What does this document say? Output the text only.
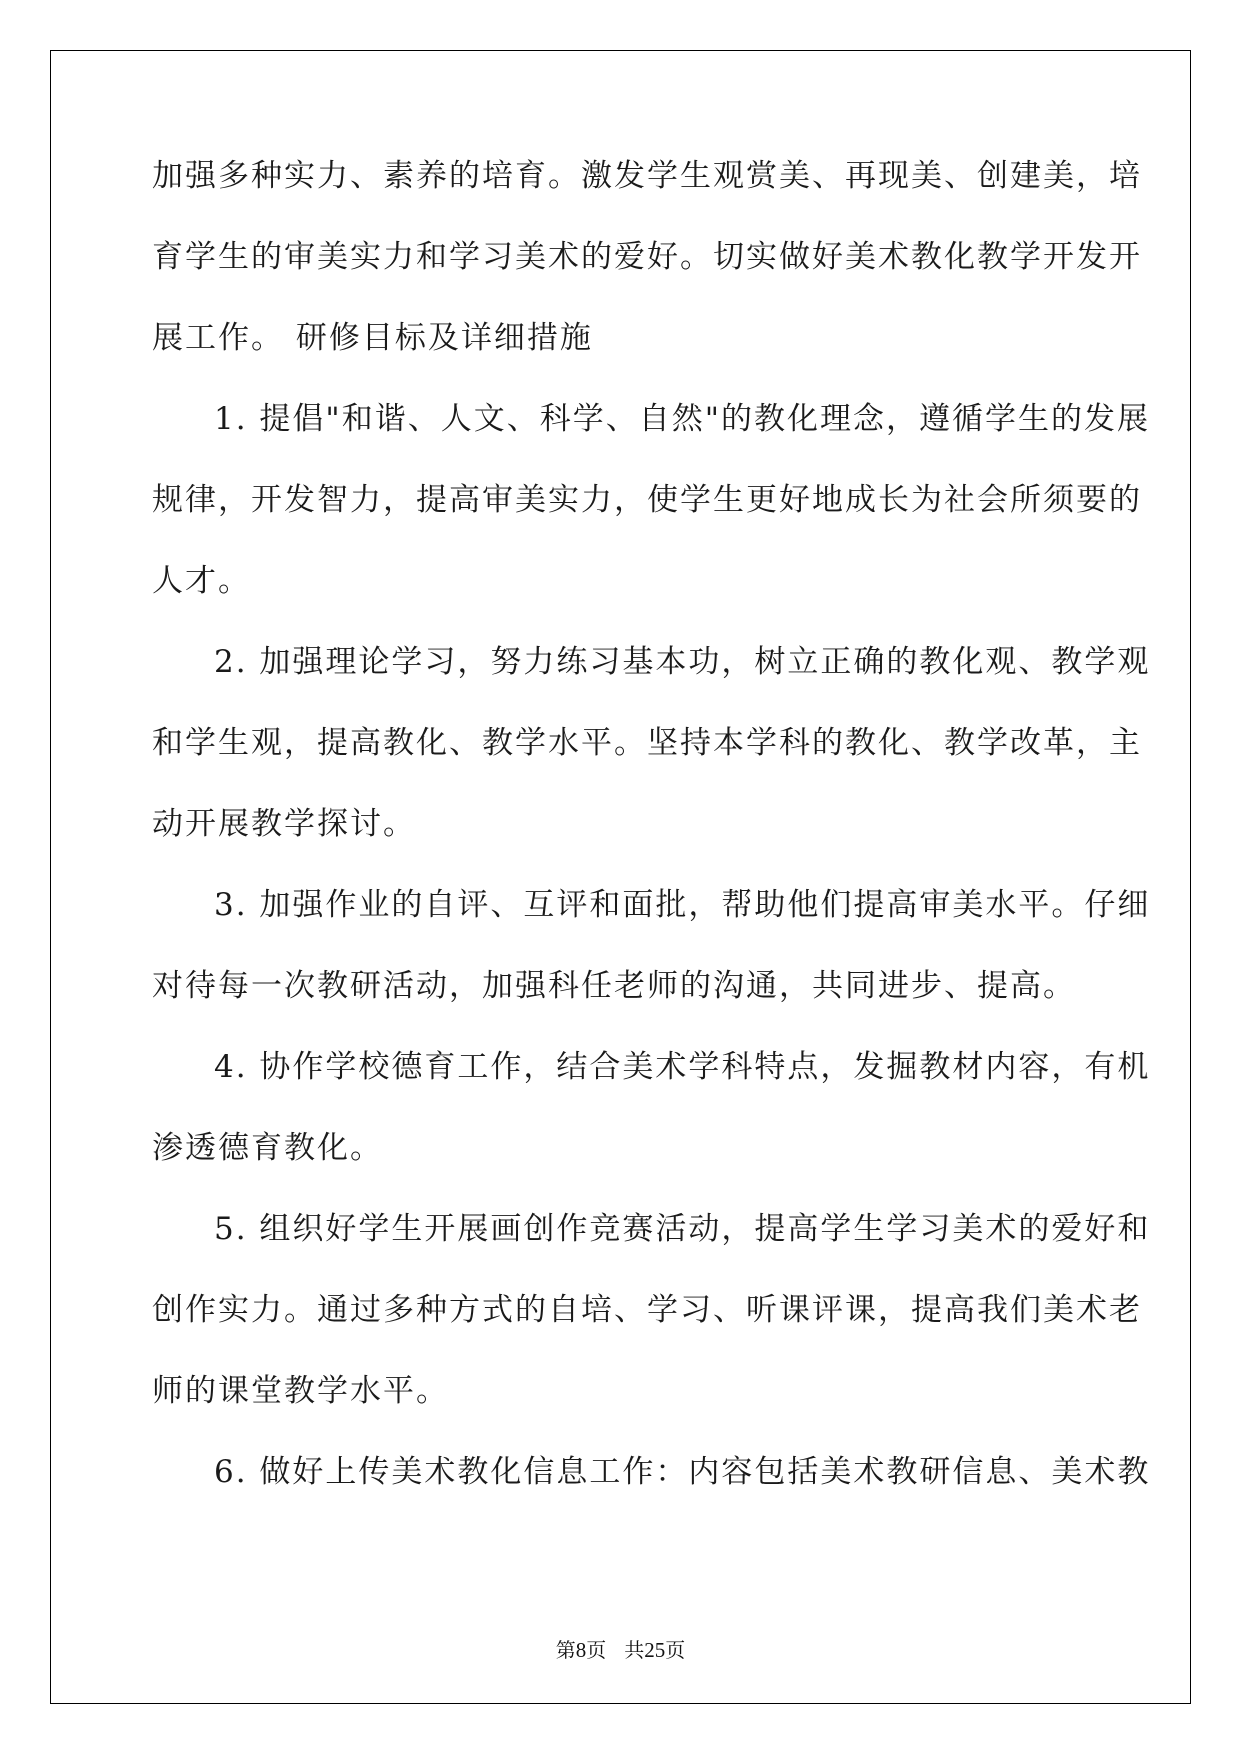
加强多种实力、素养的培育。激发学生观赏美、再现美、创建美，培
育学生的审美实力和学习美术的爱好。切实做好美术教化教学开发开
展工作。 研修目标及详细措施
1. 提倡"和谐、人文、科学、自然"的教化理念，遵循学生的发展
规律，开发智力，提高审美实力，使学生更好地成长为社会所须要的
人才。
2. 加强理论学习，努力练习基本功，树立正确的教化观、教学观
和学生观，提高教化、教学水平。坚持本学科的教化、教学改革，主
动开展教学探讨。
3. 加强作业的自评、互评和面批，帮助他们提高审美水平。仔细
对待每一次教研活动，加强科任老师的沟通，共同进步、提高。
4. 协作学校德育工作，结合美术学科特点，发掘教材内容，有机
渗透德育教化。
5. 组织好学生开展画创作竞赛活动，提高学生学习美术的爱好和
创作实力。通过多种方式的自培、学习、听课评课，提高我们美术老
师的课堂教学水平。
6. 做好上传美术教化信息工作：内容包括美术教研信息、美术教
第8页 共25页
